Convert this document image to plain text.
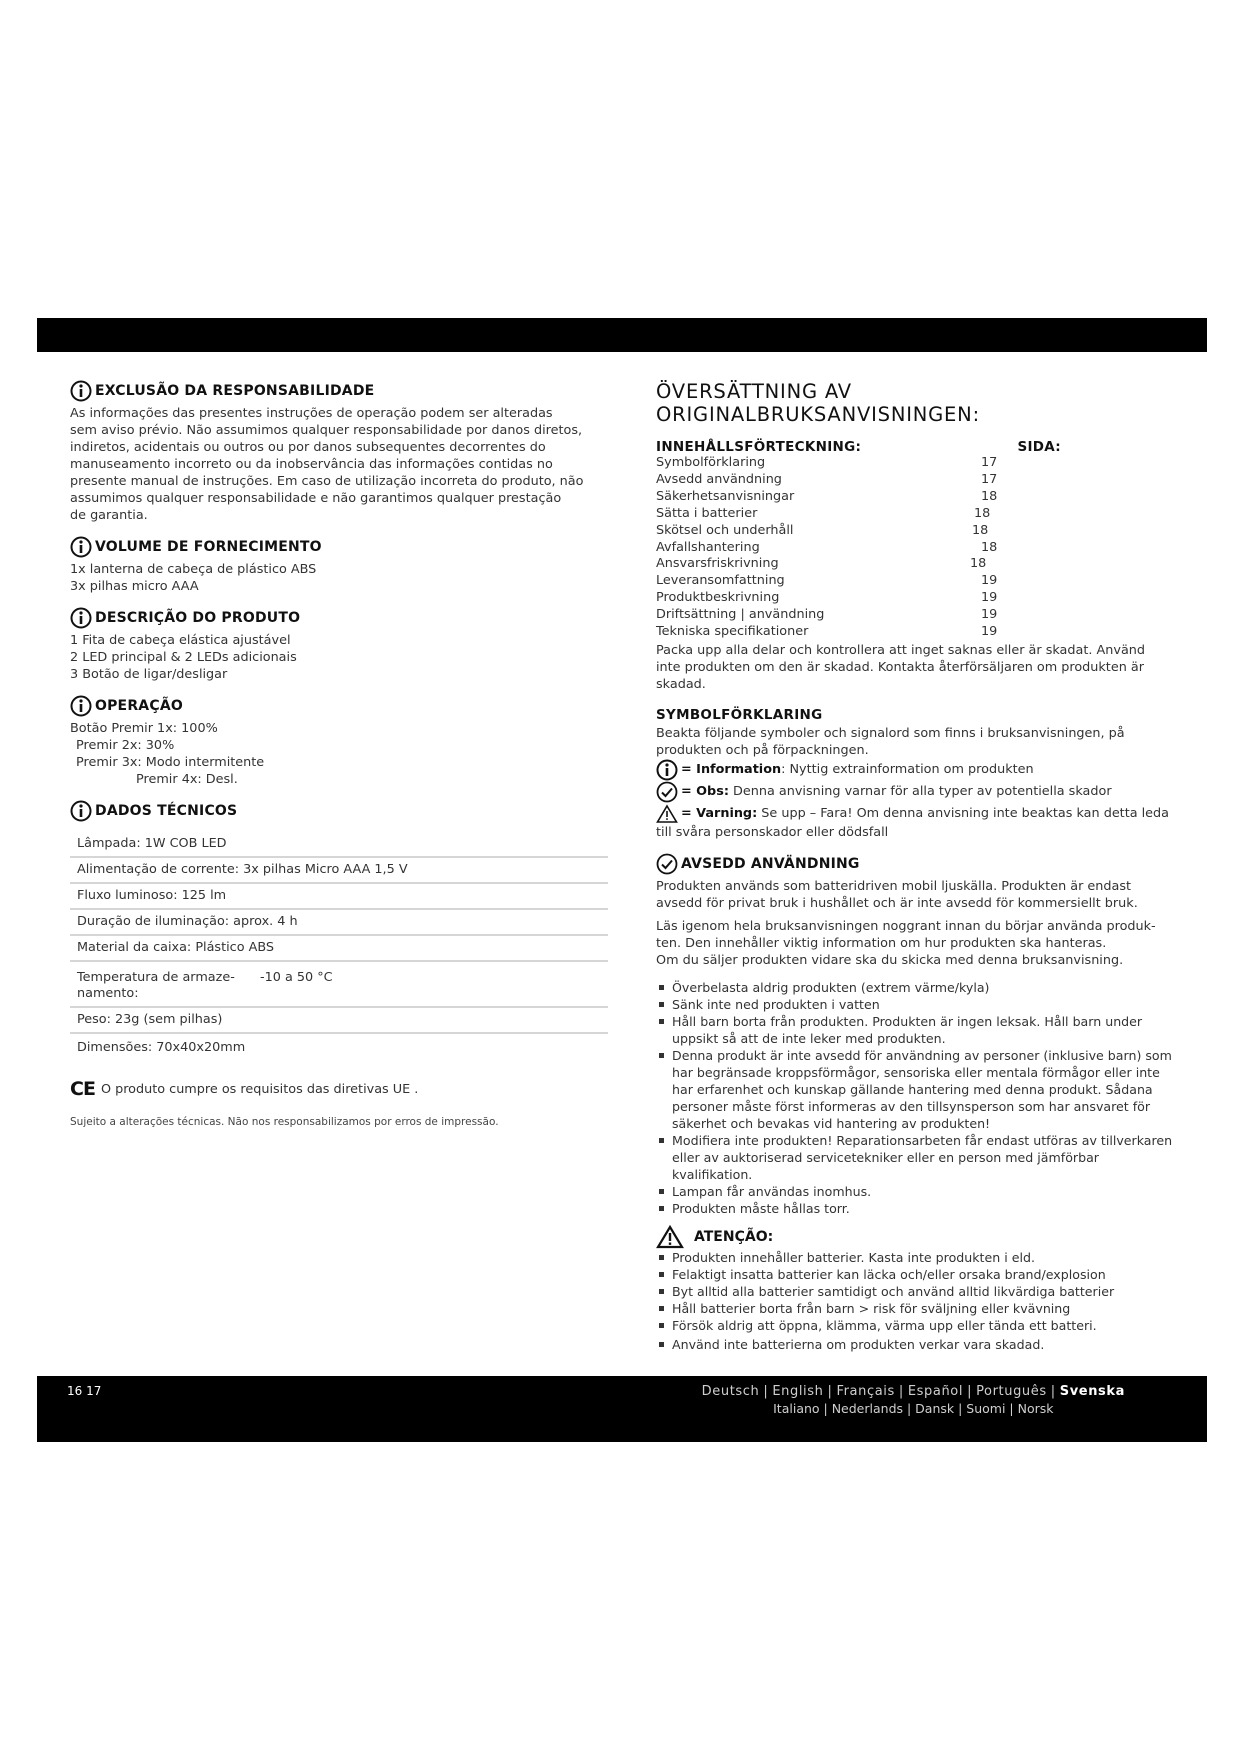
EXCLUSÃO DA RESPONSABILIDADE
As informações das presentes instruções de operação podem ser alteradas
sem aviso prévio. Não assumimos qualquer responsabilidade por danos diretos,
indiretos, acidentais ou outros ou por danos subsequentes decorrentes do
manuseamento incorreto ou da inobservância das informações contidas no
presente manual de instruções. Em caso de utilização incorreta do produto, não
assumimos qualquer responsabilidade e não garantimos qualquer prestação
de garantia.
VOLUME DE FORNECIMENTO
1x lanterna de cabeça de plástico ABS
3x pilhas micro AAA
DESCRIÇÃO DO PRODUTO
1 Fita de cabeça elástica ajustável
2 LED principal & 2 LEDs adicionais
3 Botão de ligar/desligar
OPERAÇÃO
Botão Premir 1x: 100%
Premir 2x: 30%
Premir 3x: Modo intermitente
Premir 4x: Desl.
DADOS TÉCNICOS
Lâmpada: 1W COB LED
Alimentação de corrente: 3x pilhas Micro AAA 1,5 V
Fluxo luminoso: 125 lm
Duração de iluminação: aprox. 4 h
Material da caixa: Plástico ABS
Temperatura de armaze-
namento:
-10 a 50 °C
Peso: 23g (sem pilhas)
Dimensões: 70x40x20mm
CE O produto cumpre os requisitos das diretivas UE .
Sujeito a alterações técnicas. Não nos responsabilizamos por erros de impressão.
ÖVERSÄTTNING AV ORIGINALBRUKSANVISNINGEN:
INNEHÅLLSFÖRTECKNING:	SIDA:
Symbolförklaring	17
Avsedd användning	17
Säkerhetsanvisningar	18
Sätta i batterier	18
Skötsel och underhåll	18
Avfallshantering	18
Ansvarsfriskrivning	18
Leveransomfattning	19
Produktbeskrivning	19
Driftsättning | användning	19
Tekniska specifikationer	19
Packa upp alla delar och kontrollera att inget saknas eller är skadat. Använd
inte produkten om den är skadad. Kontakta återförsäljaren om produkten är
skadad.
SYMBOLFÖRKLARING
Beakta följande symboler och signalord som finns i bruksanvisningen, på
produkten och på förpackningen.
= Information: Nyttig extrainformation om produkten
= Obs: Denna anvisning varnar för alla typer av potentiella skador
= Varning: Se upp – Fara! Om denna anvisning inte beaktas kan detta leda
till svåra personskador eller dödsfall
AVSEDD ANVÄNDNING
Produkten används som batteridriven mobil ljuskälla. Produkten är endast
avsedd för privat bruk i hushållet och är inte avsedd för kommersiellt bruk.
Läs igenom hela bruksanvisningen noggrant innan du börjar använda produk-
ten. Den innehåller viktig information om hur produkten ska hanteras.
Om du säljer produkten vidare ska du skicka med denna bruksanvisning.
Överbelasta aldrig produkten (extrem värme/kyla)
Sänk inte ned produkten i vatten
Håll barn borta från produkten. Produkten är ingen leksak. Håll barn under uppsikt så att de inte leker med produkten.
Denna produkt är inte avsedd för användning av personer (inklusive barn) som har begränsade kroppsförmågor, sensoriska eller mentala förmågor eller inte har erfarenhet och kunskap gällande hantering med denna produkt. Sådana personer måste först informeras av den tillsynsperson som har ansvaret för säkerhet och bevakas vid hantering av produkten!
Modifiera inte produkten! Reparationsarbeten får endast utföras av tillverkaren eller av auktoriserad servicetekniker eller en person med jämförbar kvalifikation.
Lampan får användas inomhus.
Produkten måste hållas torr.
ATENÇÃO:
Produkten innehåller batterier. Kasta inte produkten i eld.
Felaktigt insatta batterier kan läcka och/eller orsaka brand/explosion
Byt alltid alla batterier samtidigt och använd alltid likvärdiga batterier
Håll batterier borta från barn > risk för sväljning eller kvävning
Försök aldrig att öppna, klämma, värma upp eller tända ett batteri.
Använd inte batterierna om produkten verkar vara skadad.
16 17	Deutsch | English | Français | Español | Português | Svenska
Italiano | Nederlands | Dansk | Suomi | Norsk
